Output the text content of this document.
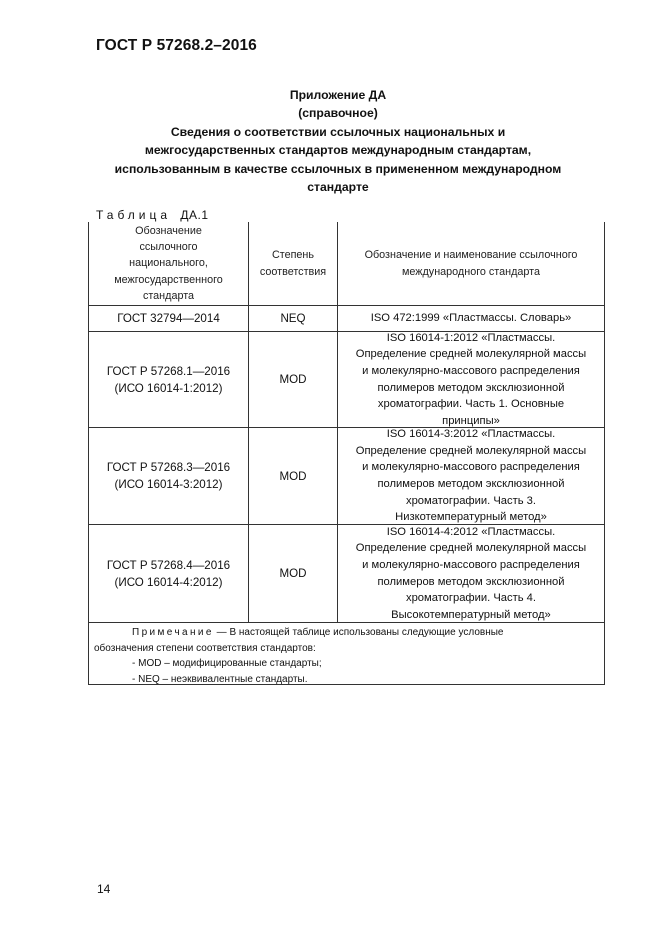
ГОСТ Р 57268.2–2016
Приложение ДА
(справочное)
Сведения о соответствии ссылочных национальных и
межгосударственных стандартов международным стандартам,
использованным в качестве ссылочных в примененном международном
стандарте
Таблица ДА.1
Обозначение
ссылочного
национального,
межгосударственного
стандарта
Степень
соответствия
Обозначение и наименование ссылочного
международного стандарта
ГОСТ 32794—2014	NEQ	ISO 472:1999 «Пластмассы. Словарь»
ГОСТ Р 57268.1—2016
(ИСО 16014-1:2012)
MOD
ISO 16014-1:2012 «Пластмассы.
Определение средней молекулярной массы
и молекулярно-массового распределения
полимеров методом эксклюзионной
хроматографии. Часть 1. Основные
принципы»
ГОСТ Р 57268.3—2016
(ИСО 16014-3:2012)
MOD
ISO 16014-3:2012 «Пластмассы.
Определение средней молекулярной массы
и молекулярно-массового распределения
полимеров методом эксклюзионной
хроматографии. Часть 3.
Низкотемпературный метод»
ГОСТ Р 57268.4—2016
(ИСО 16014-4:2012)
MOD
ISO 16014-4:2012 «Пластмассы.
Определение средней молекулярной массы
и молекулярно-массового распределения
полимеров методом эксклюзионной
хроматографии. Часть 4.
Высокотемпературный метод»
Примечание — В настоящей таблице использованы следующие условные
обозначения степени соответствия стандартов:
- MOD – модифицированные стандарты;
- NEQ – неэквивалентные стандарты.
14
